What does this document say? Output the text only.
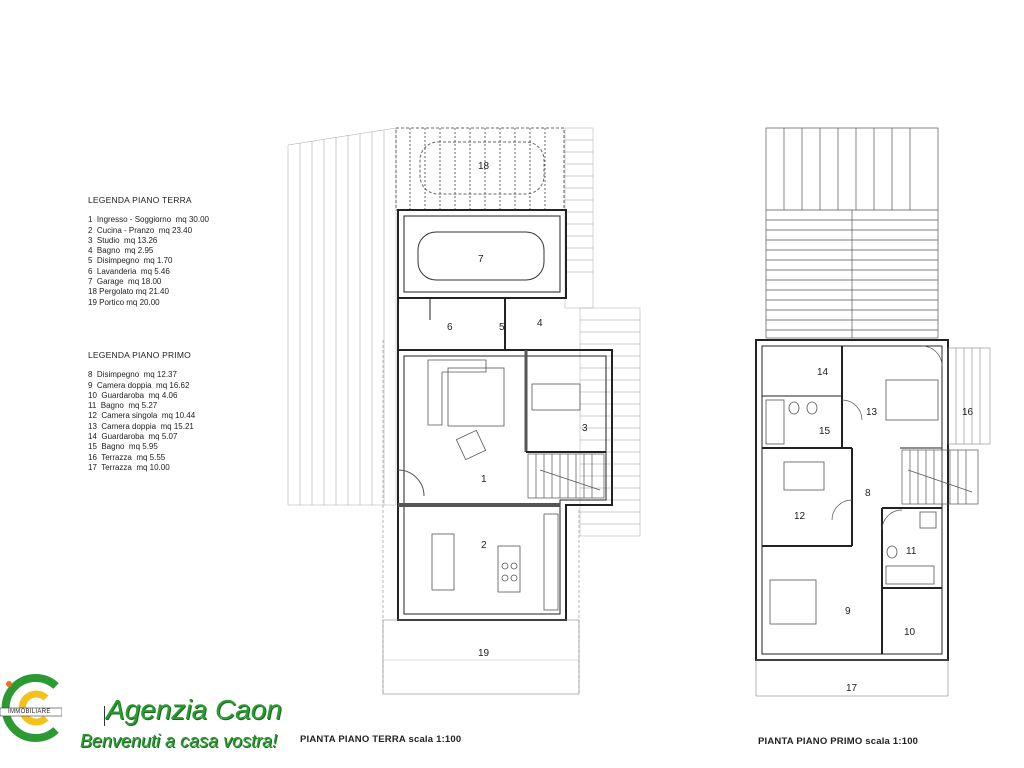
LEGENDA PIANO TERRA
1  Ingresso - Soggiorno  mq 30.00
2  Cucina - Pranzo  mq 23.40
3  Studio  mq 13.26
4  Bagno  mq 2.95
5  Disimpegno  mq 1.70
6  Lavanderia  mq 5.46
7  Garage  mq 18.00
18 Pergolato mq 21.40
19 Portico mq 20.00
LEGENDA PIANO PRIMO
8  Disimpegno  mq 12.37
9  Camera doppia  mq 16.62
10  Guardaroba  mq 4.06
11  Bagno  mq 5.27
12  Camera singola  mq 10.44
13  Camera doppia  mq 15.21
14  Guardaroba  mq 5.07
15  Bagno  mq 5.95
16  Terrazza  mq 5.55
17  Terrazza  mq 10.00
18
7
6	5	4
3
1
2
19
14
13	16
15
8
12
11
9
10
17
PIANTA PIANO TERRA scala 1:100	PIANTA PIANO PRIMO scala 1:100
IMMOBILIARE Agenzia Caon
Benvenuti a casa vostra!
